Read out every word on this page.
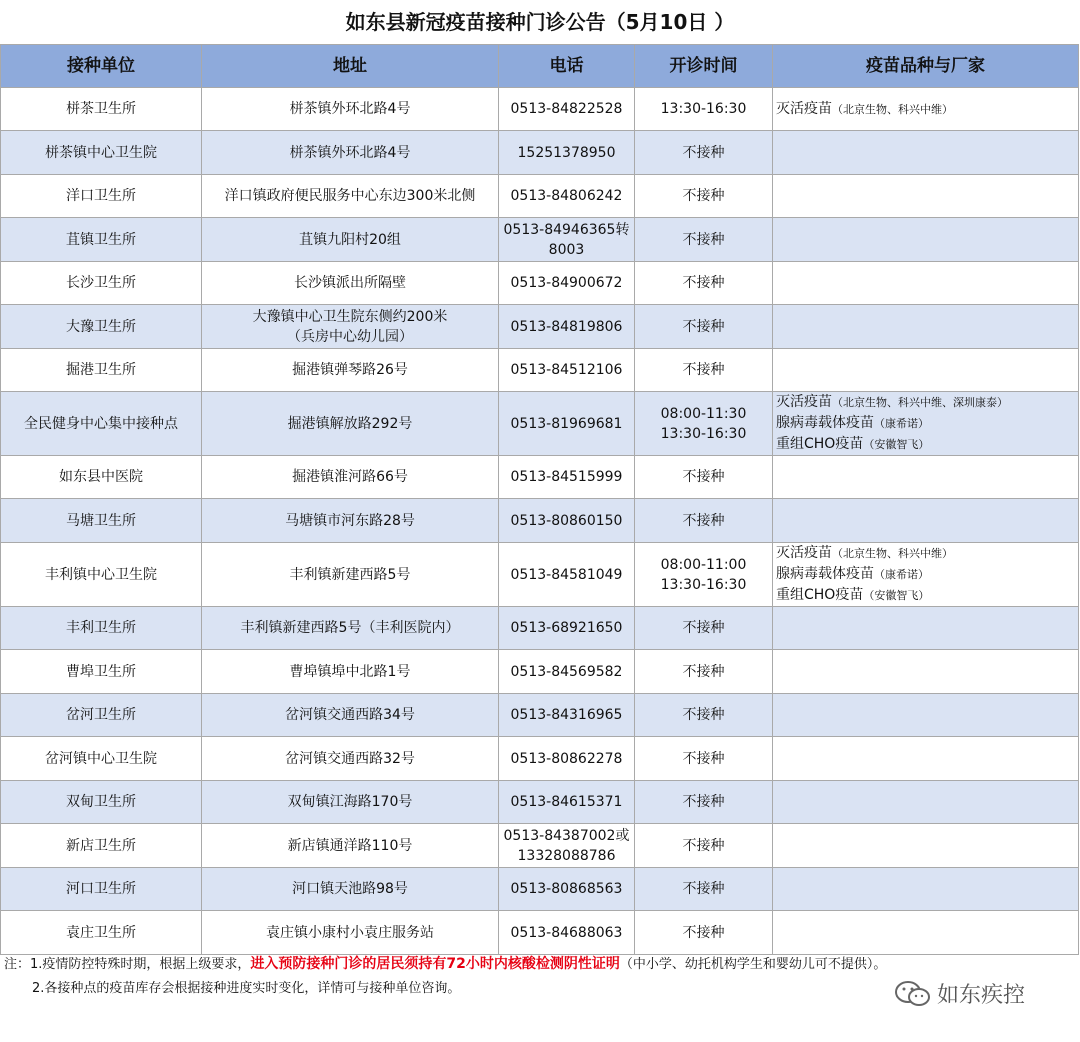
如东县新冠疫苗接种门诊公告（5月10日 ）
接种单位	地址	电话	开诊时间	疫苗品种与厂家
栟茶卫生所	栟茶镇外环北路4号	0513-84822528	13:30-16:30	灭活疫苗（北京生物、科兴中维）

栟茶镇中心卫生院	栟茶镇外环北路4号	15251378950	不接种	

洋口卫生所	洋口镇政府便民服务中心东边300米北侧	0513-84806242	不接种	

苴镇卫生所	苴镇九阳村20组	0513-84946365转
8003	不接种	

长沙卫生所	长沙镇派出所隔壁	0513-84900672	不接种	

大豫卫生所	大豫镇中心卫生院东侧约200米
（兵房中心幼儿园）	0513-84819806	不接种	

掘港卫生所	掘港镇弹琴路26号	0513-84512106	不接种	

全民健身中心集中接种点	掘港镇解放路292号	0513-81969681	08:00-11:30
13:30-16:30	灭活疫苗（北京生物、科兴中维、深圳康泰）
腺病毒载体疫苗（康希诺）
重组CHO疫苗（安徽智飞）

如东县中医院	掘港镇淮河路66号	0513-84515999	不接种	

马塘卫生所	马塘镇市河东路28号	0513-80860150	不接种	

丰利镇中心卫生院	丰利镇新建西路5号	0513-84581049	08:00-11:00
13:30-16:30	灭活疫苗（北京生物、科兴中维）
腺病毒载体疫苗（康希诺）
重组CHO疫苗（安徽智飞）

丰利卫生所	丰利镇新建西路5号（丰利医院内）	0513-68921650	不接种	

曹埠卫生所	曹埠镇埠中北路1号	0513-84569582	不接种	

岔河卫生所	岔河镇交通西路34号	0513-84316965	不接种	

岔河镇中心卫生院	岔河镇交通西路32号	0513-80862278	不接种	

双甸卫生所	双甸镇江海路170号	0513-84615371	不接种	

新店卫生所	新店镇通洋路110号	0513-84387002或
13328088786	不接种	

河口卫生所	河口镇天池路98号	0513-80868563	不接种	

袁庄卫生所	袁庄镇小康村小袁庄服务站	0513-84688063	不接种	

注：1.疫情防控特殊时期，根据上级要求，进入预防接种门诊的居民须持有72小时内核酸检测阴性证明（中小学、幼托机构学生和婴幼儿可不提供）。
2.各接种点的疫苗库存会根据接种进度实时变化，详情可与接种单位咨询。	如东疾控
